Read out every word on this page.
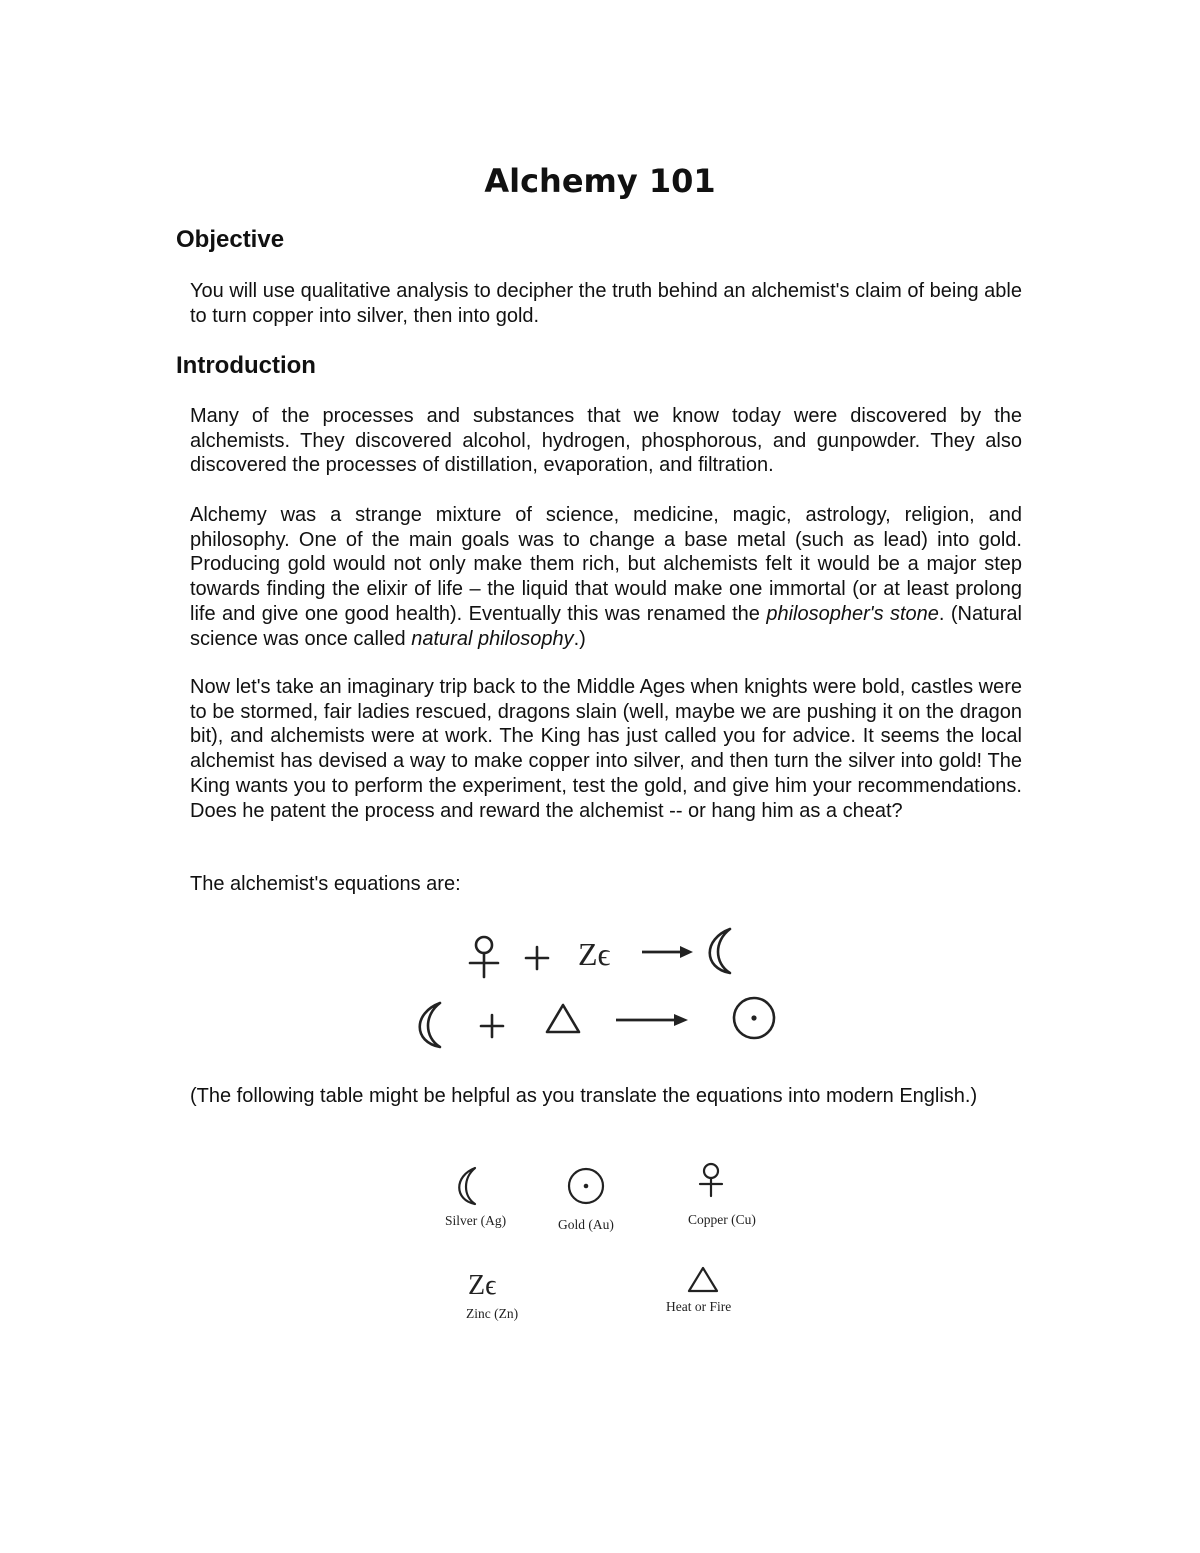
Alchemy 101
Objective

You will use qualitative analysis to decipher the truth behind an alchemist's claim of being able to turn copper into silver, then into gold.

Introduction

Many of the processes and substances that we know today were discovered by the alchemists. They discovered alcohol, hydrogen, phosphorous, and gunpowder. They also discovered the processes of distillation, evaporation, and filtration.

Alchemy was a strange mixture of science, medicine, magic, astrology, religion, and philosophy. One of the main goals was to change a base metal (such as lead) into gold. Producing gold would not only make them rich, but alchemists felt it would be a major step towards finding the elixir of life – the liquid that would make one immortal (or at least prolong life and give one good health). Eventually this was renamed the philosopher's stone. (Natural science was once called natural philosophy.)

Now let's take an imaginary trip back to the Middle Ages when knights were bold, castles were to be stormed, fair ladies rescued, dragons slain (well, maybe we are pushing it on the dragon bit), and alchemists were at work. The King has just called you for advice. It seems the local alchemist has devised a way to make copper into silver, and then turn the silver into gold! The King wants you to perform the experiment, test the gold, and give him your recommendations. Does he patent the process and reward the alchemist -- or hang him as a cheat?

The alchemist's equations are:

Zϵ

(The following table might be helpful as you translate the equations into modern English.)

Silver (Ag)	Gold (Au)	Copper (Cu)
Zϵ
Zinc (Zn)	Heat or Fire
